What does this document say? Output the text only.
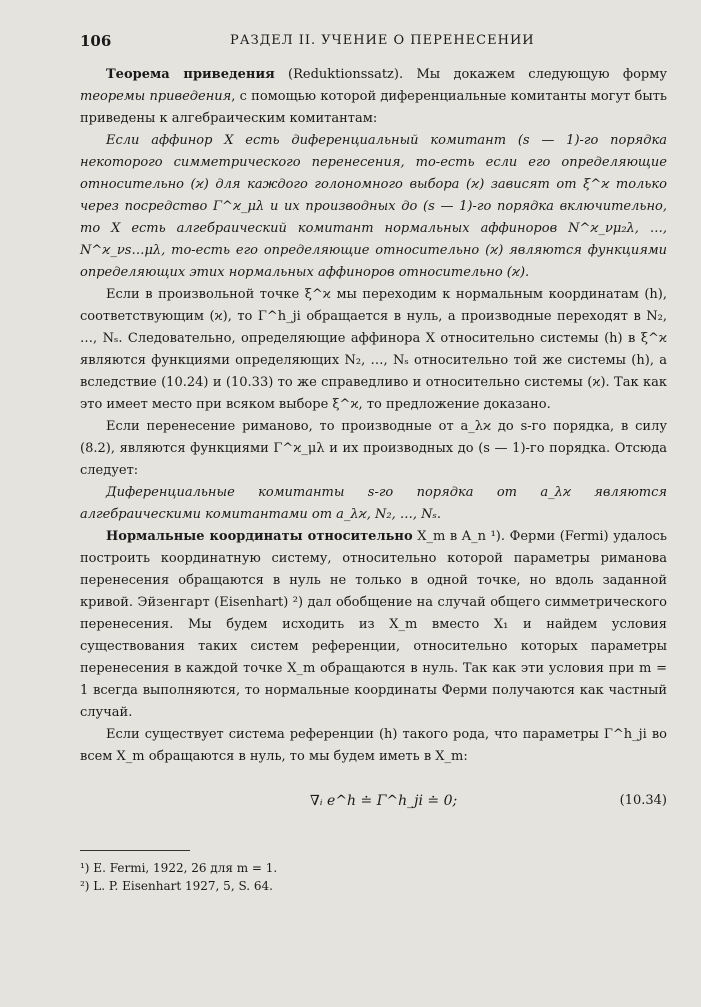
106	РАЗДЕЛ II. УЧЕНИЕ О ПЕРЕНЕСЕНИИ

Теорема приведения (Reduktionssatz). Мы докажем следующую форму теоремы приведения, с помощью которой диференциальные комитанты могут быть приведены к алгебраическим комитантам:

Если аффинор X есть диференциальный комитант (s — 1)-го порядка некоторого симметрического перенесения, то-есть если его определяющие относительно (ϰ) для каждого голономного выбора (ϰ) зависят от ξ^ϰ только через посредство Γ^ϰ_μλ и их производных до (s — 1)-го порядка включительно, то X есть алгебраический комитант нормальных аффиноров N^ϰ_νμ₂λ, …, N^ϰ_νs…μλ, то-есть его определяющие относительно (ϰ) являются функциями определяющих этих нормальных аффиноров относительно (ϰ).

Если в произвольной точке ξ^ϰ мы переходим к нормальным координатам (h), соответствующим (ϰ), то Γ^h_ji обращается в нуль, а производные переходят в N₂, …, Nₛ. Следовательно, определяющие аффинора X относительно системы (h) в ξ^ϰ являются функциями определяющих N₂, …, Nₛ относительно той же системы (h), а вследствие (10.24) и (10.33) то же справедливо и относительно системы (ϰ). Так как это имеет место при всяком выборе ξ^ϰ, то предложение доказано.

Если перенесение риманово, то производные от a_λϰ до s-го порядка, в силу (8.2), являются функциями Γ^ϰ_μλ и их производных до (s — 1)-го порядка. Отсюда следует:

Диференциальные комитанты s-го порядка от a_λϰ являются алгебраическими комитантами от a_λϰ, N₂, …, Nₛ.

Нормальные координаты относительно X_m в A_n ¹). Ферми (Fermi) удалось построить координатную систему, относительно которой параметры риманова перенесения обращаются в нуль не только в одной точке, но вдоль заданной кривой. Эйзенгарт (Eisenhart) ²) дал обобщение на случай общего симметрического перенесения. Мы будем исходить из X_m вместо X₁ и найдем условия существования таких систем референции, относительно которых параметры перенесения в каждой точке X_m обращаются в нуль. Так как эти условия при m = 1 всегда выполняются, то нормальные координаты Ферми получаются как частный случай.

Если существует система референции (h) такого рода, что параметры Γ^h_ji во всем X_m обращаются в нуль, то мы будем иметь в X_m:

∇ᵢ e^h ≐ Γ^h_ji ≐ 0;	(10.34)
¹) E. Fermi, 1922, 26 для m = 1.
²) L. P. Eisenhart 1927, 5, S. 64.
